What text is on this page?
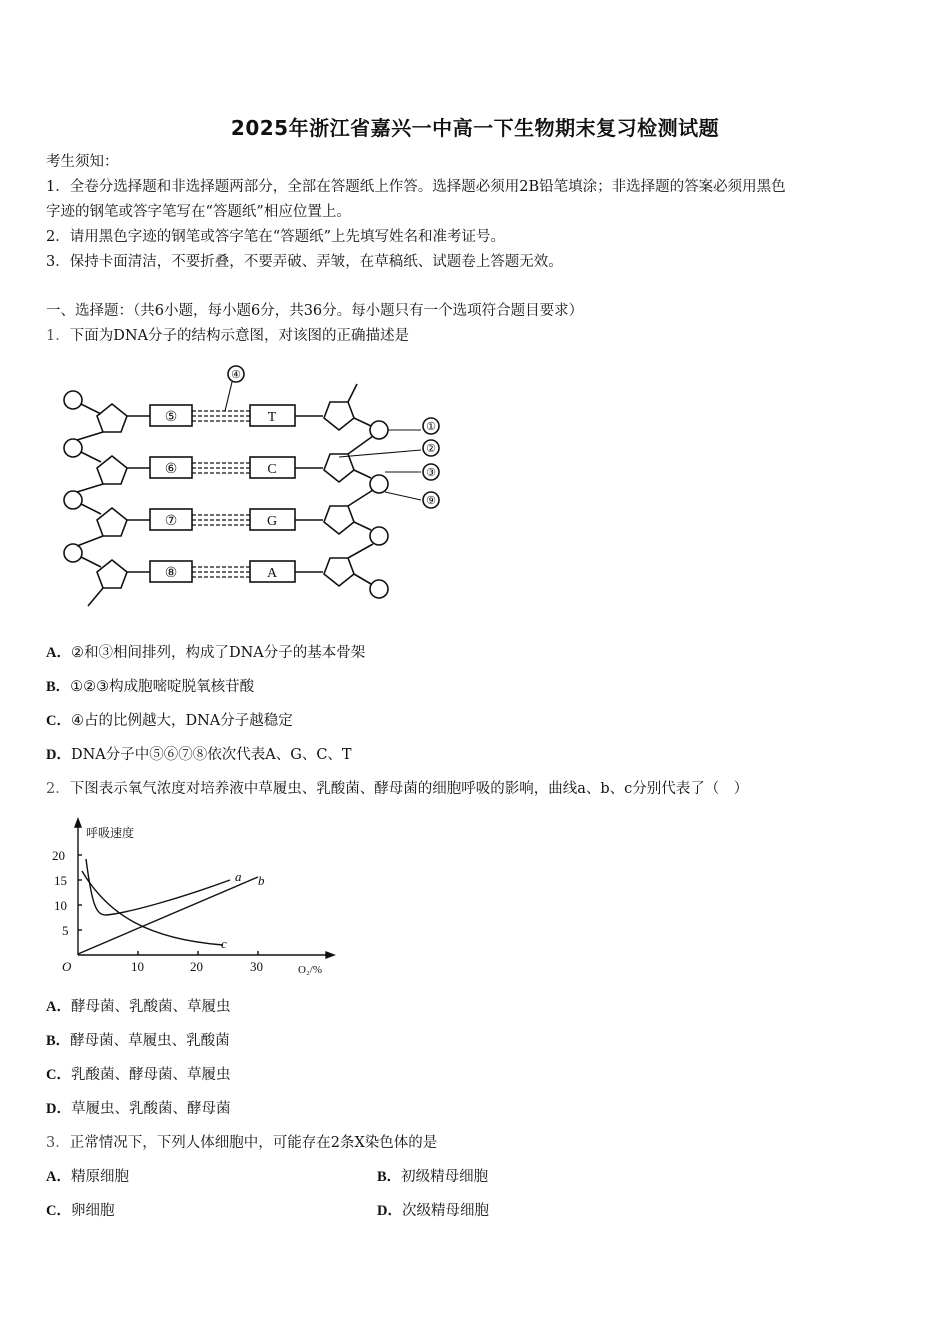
2025年浙江省嘉兴一中高一下生物期末复习检测试题
考生须知：
1．全卷分选择题和非选择题两部分，全部在答题纸上作答。选择题必须用2B铅笔填涂；非选择题的答案必须用黑色
字迹的钢笔或答字笔写在“答题纸”相应位置上。
2．请用黑色字迹的钢笔或答字笔在“答题纸”上先填写姓名和准考证号。
3．保持卡面清洁，不要折叠，不要弄破、弄皱，在草稿纸、试题卷上答题无效。
一、选择题：（共6小题，每小题6分，共36分。每小题只有一个选项符合题目要求）
1．下面为DNA分子的结构示意图，对该图的正确描述是
⑤
⑥
⑦
⑧
T
C
G
A
④
①
②
③
⑨
A．②和③相间排列，构成了DNA分子的基本骨架
B．①②③构成胞嘧啶脱氧核苷酸
C．④占的比例越大，DNA分子越稳定
D．DNA分子中⑤⑥⑦⑧依次代表A、G、C、T
2．下图表示氧气浓度对培养液中草履虫、乳酸菌、酵母菌的细胞呼吸的影响，曲线a、b、c分别代表了（　）
呼吸速度
20
15
10
5
O	10	20	30	O₂/%
a b
c
A．酵母菌、乳酸菌、草履虫
B．酵母菌、草履虫、乳酸菌
C．乳酸菌、酵母菌、草履虫
D．草履虫、乳酸菌、酵母菌
3．正常情况下，下列人体细胞中，可能存在2条X染色体的是
A．精原细胞	B．初级精母细胞
C．卵细胞	D．次级精母细胞
